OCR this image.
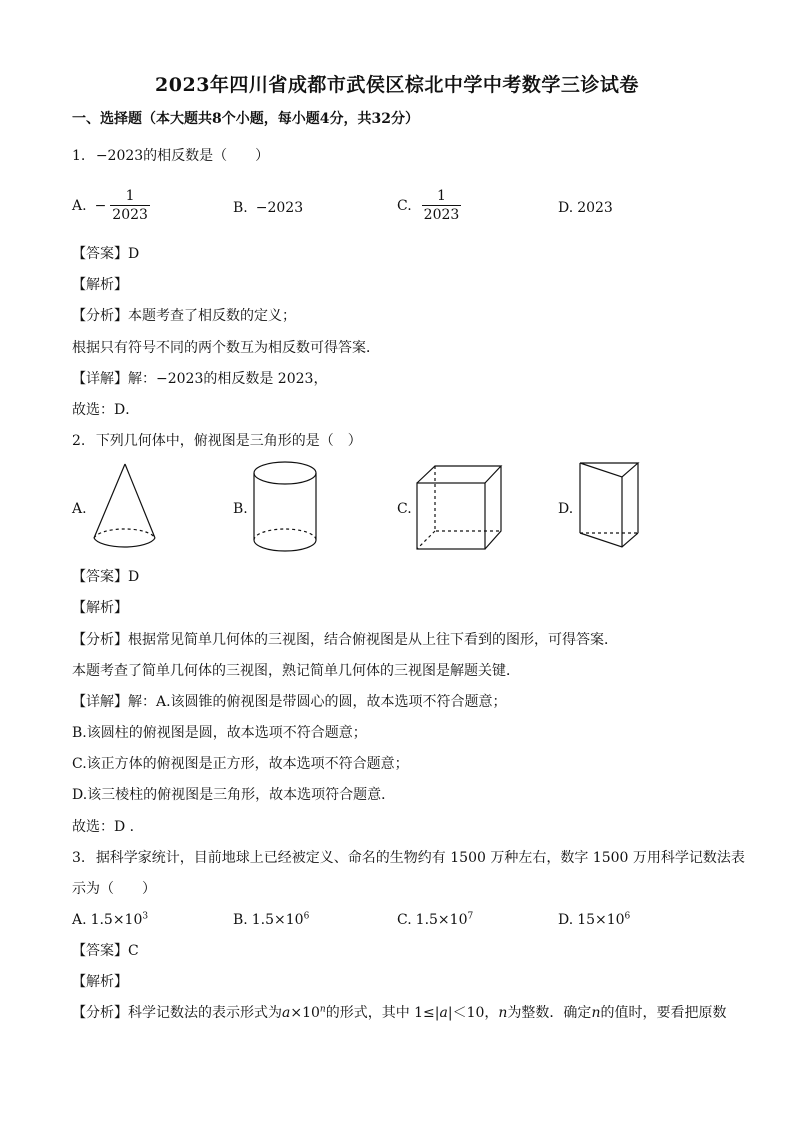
2023年四川省成都市武侯区棕北中学中考数学三诊试卷
一、选择题（本大题共8个小题，每小题4分，共32分）
1. −2023的相反数是（　　）
A. − $\frac{1}{2023}$	B. −2023	C. $\frac{1}{2023}$	D. 2023
【答案】D
【解析】
【分析】本题考查了相反数的定义；
根据只有符号不同的两个数互为相反数可得答案．
【详解】解：−2023的相反数是 2023，
故选：D．
2. 下列几何体中，俯视图是三角形的是（　）
A.	B.	C.	D.
【答案】D
【解析】
【分析】根据常见简单几何体的三视图，结合俯视图是从上往下看到的图形，可得答案．
本题考查了简单几何体的三视图，熟记简单几何体的三视图是解题关键．
【详解】解：A.该圆锥的俯视图是带圆心的圆，故本选项不符合题意；
B.该圆柱的俯视图是圆，故本选项不符合题意；
C.该正方体的俯视图是正方形，故本选项不符合题意；
D.该三棱柱的俯视图是三角形，故本选项符合题意．
故选：D ．
3. 据科学家统计，目前地球上已经被定义、命名的生物约有 1500 万种左右，数字 1500 万用科学记数法表
示为（　　）
A. $1.5\times 10^3$	B. $1.5\times 10^6$	C. $1.5\times 10^7$	D. $15\times 10^6$
【答案】C
【解析】
【分析】科学记数法的表示形式为$a\times 10^n$的形式，其中 1≤|a|＜10，n为整数．确定n的值时，要看把原数
